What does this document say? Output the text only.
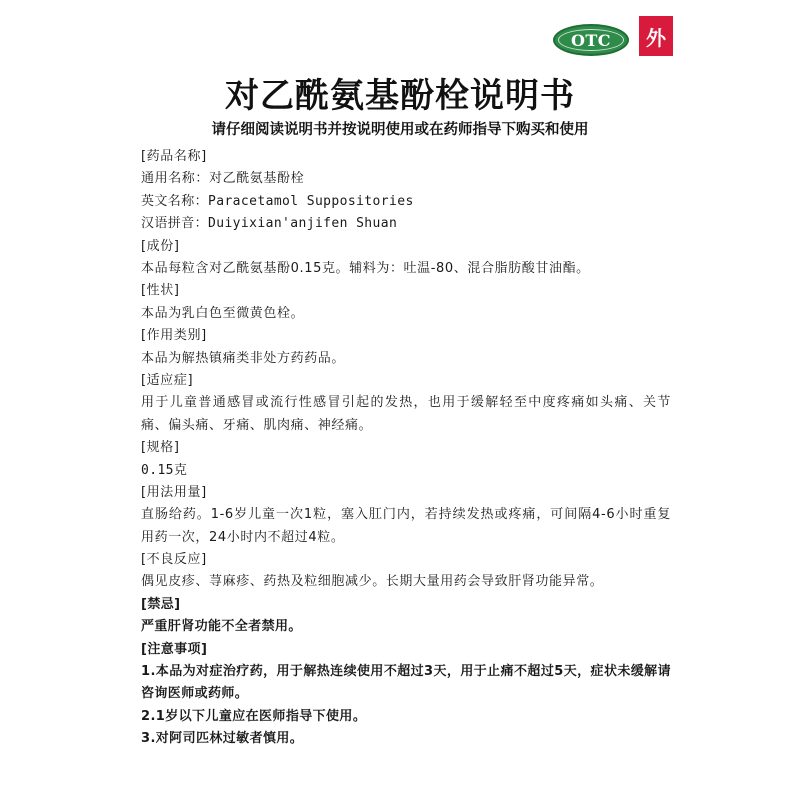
OTC 外
对乙酰氨基酚栓说明书
请仔细阅读说明书并按说明使用或在药师指导下购买和使用
[药品名称]
通用名称：对乙酰氨基酚栓
英文名称：Paracetamol Suppositories
汉语拼音：Duiyixian'anjifen Shuan
[成份]
本品每粒含对乙酰氨基酚0.15克。辅料为：吐温-80、混合脂肪酸甘油酯。
[性状]
本品为乳白色至微黄色栓。
[作用类别]
本品为解热镇痛类非处方药药品。
[适应症]
用于儿童普通感冒或流行性感冒引起的发热，也用于缓解轻至中度疼痛如头痛、关节痛、偏头痛、牙痛、肌肉痛、神经痛。
[规格]
0.15克
[用法用量]
直肠给药。1-6岁儿童一次1粒，塞入肛门内，若持续发热或疼痛，可间隔4-6小时重复用药一次，24小时内不超过4粒。
[不良反应]
偶见皮疹、荨麻疹、药热及粒细胞减少。长期大量用药会导致肝肾功能异常。
[禁忌]
严重肝肾功能不全者禁用。
[注意事项]
1.本品为对症治疗药，用于解热连续使用不超过3天，用于止痛不超过5天，症状未缓解请咨询医师或药师。
2.1岁以下儿童应在医师指导下使用。
3.对阿司匹林过敏者慎用。
